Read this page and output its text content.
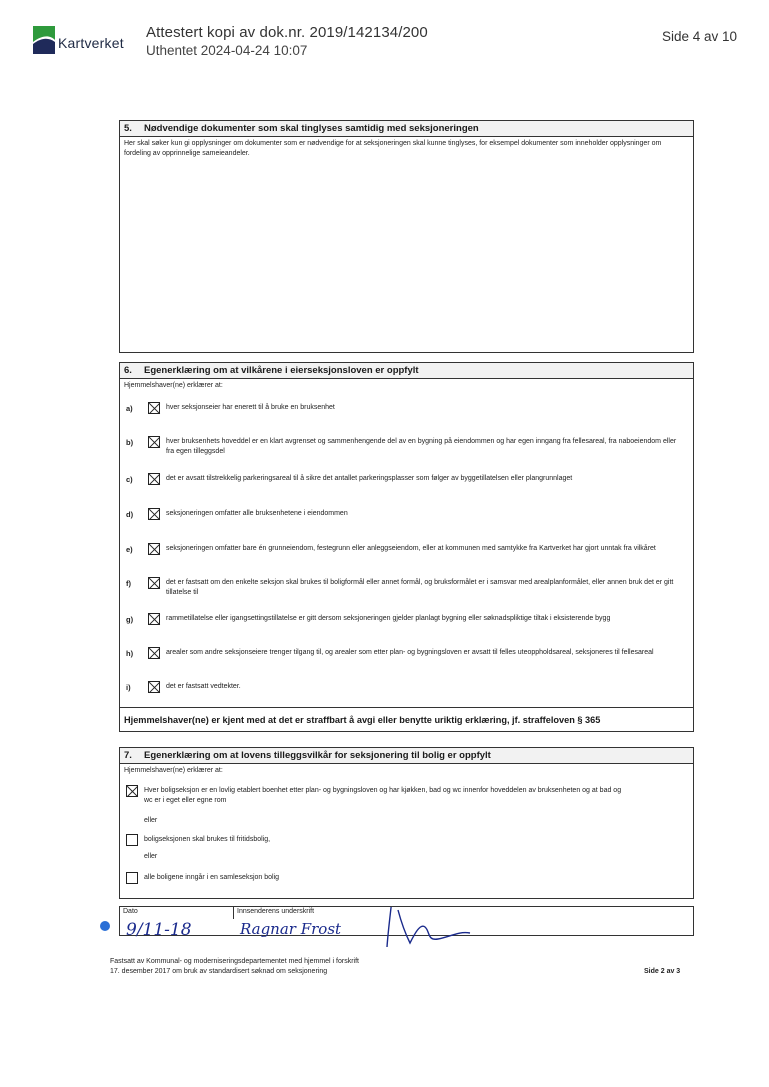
Kartverket
Attestert kopi av dok.nr. 2019/142134/200
Uthentet 2024-04-24 10:07
Side 4 av 10
5. Nødvendige dokumenter som skal tinglyses samtidig med seksjoneringen
Her skal søker kun gi opplysninger om dokumenter som er nødvendige for at seksjoneringen skal kunne tinglyses, for eksempel dokumenter som inneholder opplysninger om fordeling av opprinnelige sameieandeler.
6. Egenerklæring om at vilkårene i eierseksjonsloven er oppfylt
Hjemmelshaver(ne) erklærer at:
a)	hver seksjonseier har enerett til å bruke en bruksenhet
b)	hver bruksenhets hoveddel er en klart avgrenset og sammenhengende del av en bygning på eiendommen og har egen inngang fra fellesareal, fra naboeiendom eller fra egen tilleggsdel
c)	det er avsatt tilstrekkelig parkeringsareal til å sikre det antallet parkeringsplasser som følger av byggetillatelsen eller plangrunnlaget
d)	seksjoneringen omfatter alle bruksenhetene i eiendommen
e)	seksjoneringen omfatter bare én grunneiendom, festegrunn eller anleggseiendom, eller at kommunen med samtykke fra Kartverket har gjort unntak fra vilkåret
f)	det er fastsatt om den enkelte seksjon skal brukes til boligformål eller annet formål, og bruksformålet er i samsvar med arealplanformålet, eller annen bruk det er gitt tillatelse til
g)	rammetillatelse eller igangsettingstillatelse er gitt dersom seksjoneringen gjelder planlagt bygning eller søknadspliktige tiltak i eksisterende bygg
h)	arealer som andre seksjonseiere trenger tilgang til, og arealer som etter plan- og bygningsloven er avsatt til felles uteoppholdsareal, seksjoneres til fellesareal
i)	det er fastsatt vedtekter.
Hjemmelshaver(ne) er kjent med at det er straffbart å avgi eller benytte uriktig erklæring, jf. straffeloven § 365
7. Egenerklæring om at lovens tilleggsvilkår for seksjonering til bolig er oppfylt
Hjemmelshaver(ne) erklærer at:
Hver boligseksjon er en lovlig etablert boenhet etter plan- og bygningsloven og har kjøkken, bad og wc innenfor hoveddelen av bruksenheten og at bad og wc er i eget eller egne rom
eller
boligseksjonen skal brukes til fritidsbolig,
eller
alle boligene inngår i en samleseksjon bolig
Dato	Innsenderens underskrift
9/11-18	Ragnar Frost
Fastsatt av Kommunal- og moderniseringsdepartementet med hjemmel i forskrift
17. desember 2017 om bruk av standardisert søknad om seksjonering	Side 2 av 3
